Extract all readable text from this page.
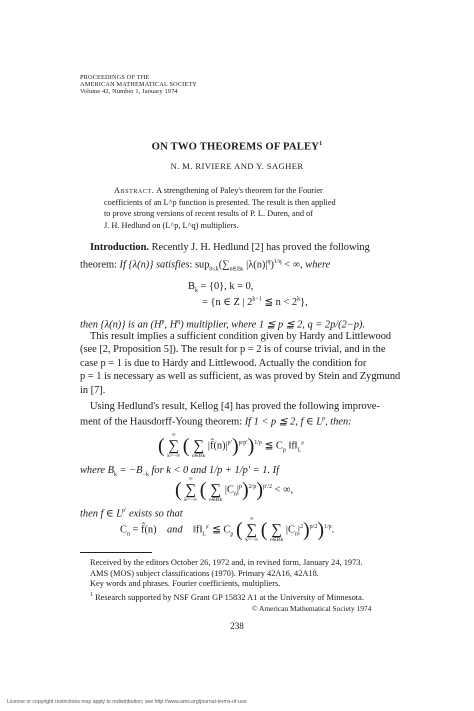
PROCEEDINGS OF THE
AMERICAN MATHEMATICAL SOCIETY
Volume 42, Number 1, January 1974
ON TWO THEOREMS OF PALEY$^1$
N. M. RIVIERE AND Y. SAGHER
Abstract. A strengthening of Paley's theorem for the Fourier
coefficients of an L^p function is presented. The result is then applied
to prove strong versions of recent results of P. L. Duren, and of
J. H. Hedlund on (L^p, L^q) multipliers.
Introduction. Recently J. H. Hedlund [2] has proved the following
theorem: If {λ(n)} satisfies: $sup_{0\le k}(\sum_{n\in Bk}$ $|\lambda(n)|^q)^{1/q}$ < ∞, where
$B_k = \{0\}$, k = 0,
= {n ∈ Z | $2^{k-1}$ ≦ $n < 2^k$},
then {λ(n)} is an ($H^p$, $H^q$) multiplier, where 1 ≦ p ≦ 2, q = 2p/(2−p).
This result implies a sufficient condition given by Hardy and Littlewood
(see [2, Proposition 5]). The result for p = 2 is of course trivial, and in the
case p = 1 is due to Hardy and Littlewood. Actually the condition for
p = 1 is necessary as well as sufficient, as was proved by Stein and Zygmund
in [7].
Using Hedlund's result, Kellog [4] has proved the following improve-
ment of the Hausdorff-Young theorem: If 1 < p ≦ 2, f ∈ $L^p$, then:
(	∞
∑
k=−∞ (
∑
n∈Bk
$|f̂(n)|^{p'})^{p/p'})^{1/p}$ ≦ $C_p$ $‖f‖_L^p$
where $B_k = -B_{-k}$ for k < 0 and 1/p + 1/p′ = 1. If
(	∞
∑
k=−∞ (
∑
n∈Bk
$|C_n|^p)^{2/p})^{p'/2}$ < ∞,
then f ∈ $L^{p'}$ exists so that
$C_n$ = f̂(n) and $‖f‖_L^{p'}$ ≦ $C_p$ (	∞
∑
k=−∞ (
∑
n∈Bk
$|C_n|^2)^{p/2})^{1/p}$.
Received by the editors October 26, 1972 and, in revised form, January 24, 1973.
AMS (MOS) subject classifications (1970). Primary 42A16, 42A18.
Key words and phrases. Fourier coefficients, multipliers.
$^1$ Research supported by NSF Grant GP 15832 A1 at the University of Minnesota.
© American Mathematical Society 1974
238
License or copyright restrictions may apply to redistribution; see http://www.ams.org/journal-terms-of-use
